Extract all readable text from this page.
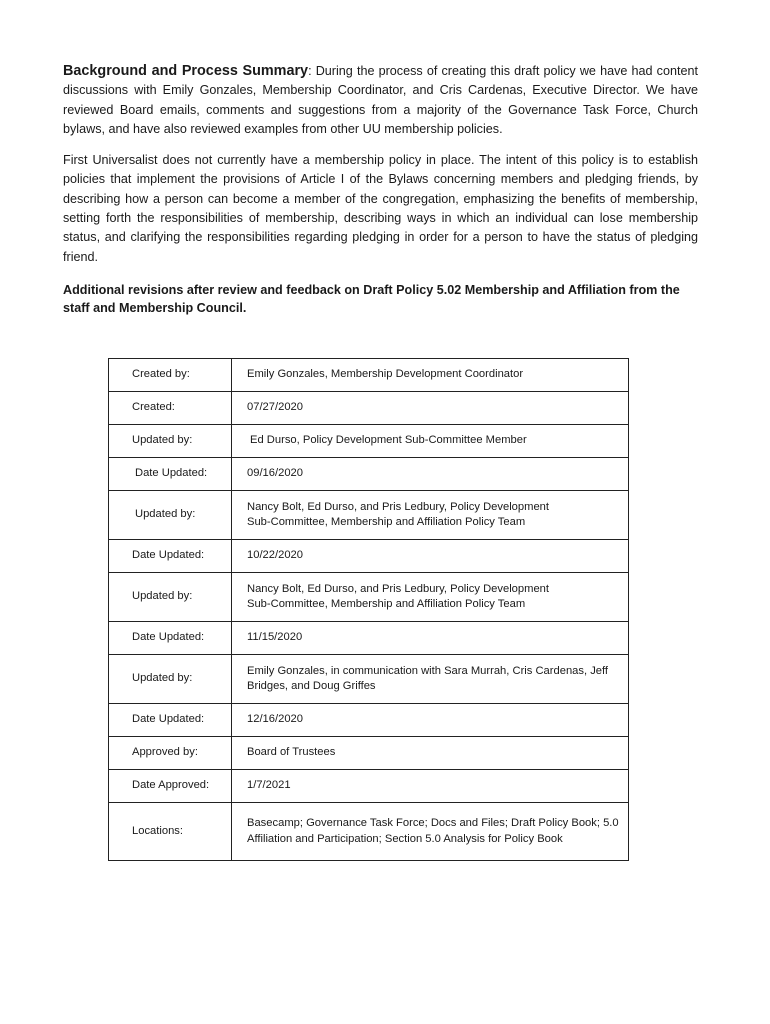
Background and Process Summary: During the process of creating this draft policy we have had content discussions with Emily Gonzales, Membership Coordinator, and Cris Cardenas, Executive Director. We have reviewed Board emails, comments and suggestions from a majority of the Governance Task Force, Church bylaws, and have also reviewed examples from other UU membership policies.

First Universalist does not currently have a membership policy in place. The intent of this policy is to establish policies that implement the provisions of Article I of the Bylaws concerning members and pledging friends, by describing how a person can become a member of the congregation, emphasizing the benefits of membership, setting forth the responsibilities of membership, describing ways in which an individual can lose membership status, and clarifying the responsibilities regarding pledging in order for a person to have the status of pledging friend.

Additional revisions after review and feedback on Draft Policy 5.02 Membership and Affiliation from the staff and Membership Council.

Created by:	Emily Gonzales, Membership Development Coordinator
Created:	07/27/2020
Updated by:	Ed Durso, Policy Development Sub-Committee Member
Date Updated:	09/16/2020
Updated by:	Nancy Bolt, Ed Durso, and Pris Ledbury, Policy Development
Sub-Committee, Membership and Affiliation Policy Team
Date Updated:	10/22/2020
Updated by:	Nancy Bolt, Ed Durso, and Pris Ledbury, Policy Development
Sub-Committee, Membership and Affiliation Policy Team
Date Updated:	11/15/2020
Updated by:	Emily Gonzales, in communication with Sara Murrah, Cris Cardenas, Jeff
Bridges, and Doug Griffes
Date Updated:	12/16/2020
Approved by:	Board of Trustees
Date Approved:	1/7/2021
Locations:	Basecamp; Governance Task Force; Docs and Files; Draft Policy Book; 5.0
Affiliation and Participation; Section 5.0 Analysis for Policy Book
